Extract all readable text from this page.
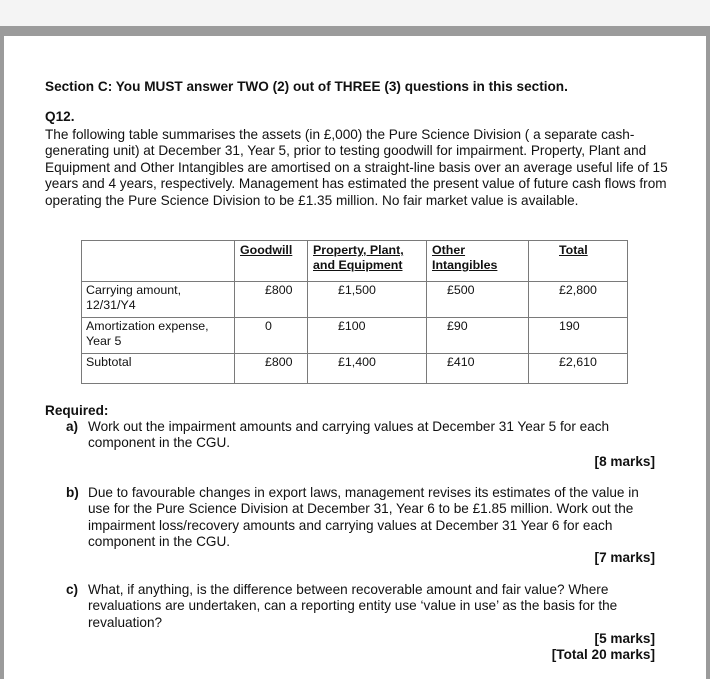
Section C: You MUST answer TWO (2) out of THREE (3) questions in this section.
Q12.
The following table summarises the assets (in £,000) the Pure Science Division ( a separate cash-generating unit) at December 31, Year 5, prior to testing goodwill for impairment. Property, Plant and Equipment and Other Intangibles are amortised on a straight-line basis over an average useful life of 15 years and 4 years, respectively. Management has estimated the present value of future cash flows from operating the Pure Science Division to be £1.35 million. No fair market value is available.
	Goodwill	Property, Plant, and Equipment	Other Intangibles	Total
Carrying amount, 12/31/Y4	£800	£1,500	£500	£2,800
Amortization expense, Year 5	0	£100	£90	190
Subtotal	£800	£1,400	£410	£2,610
Required:
a) Work out the impairment amounts and carrying values at December 31 Year 5 for each component in the CGU.
[8 marks]
b) Due to favourable changes in export laws, management revises its estimates of the value in use for the Pure Science Division at December 31, Year 6 to be £1.85 million. Work out the impairment loss/recovery amounts and carrying values at December 31 Year 6 for each component in the CGU.
[7 marks]
c) What, if anything, is the difference between recoverable amount and fair value? Where revaluations are undertaken, can a reporting entity use ‘value in use’ as the basis for the revaluation?
[5 marks]
[Total 20 marks]
